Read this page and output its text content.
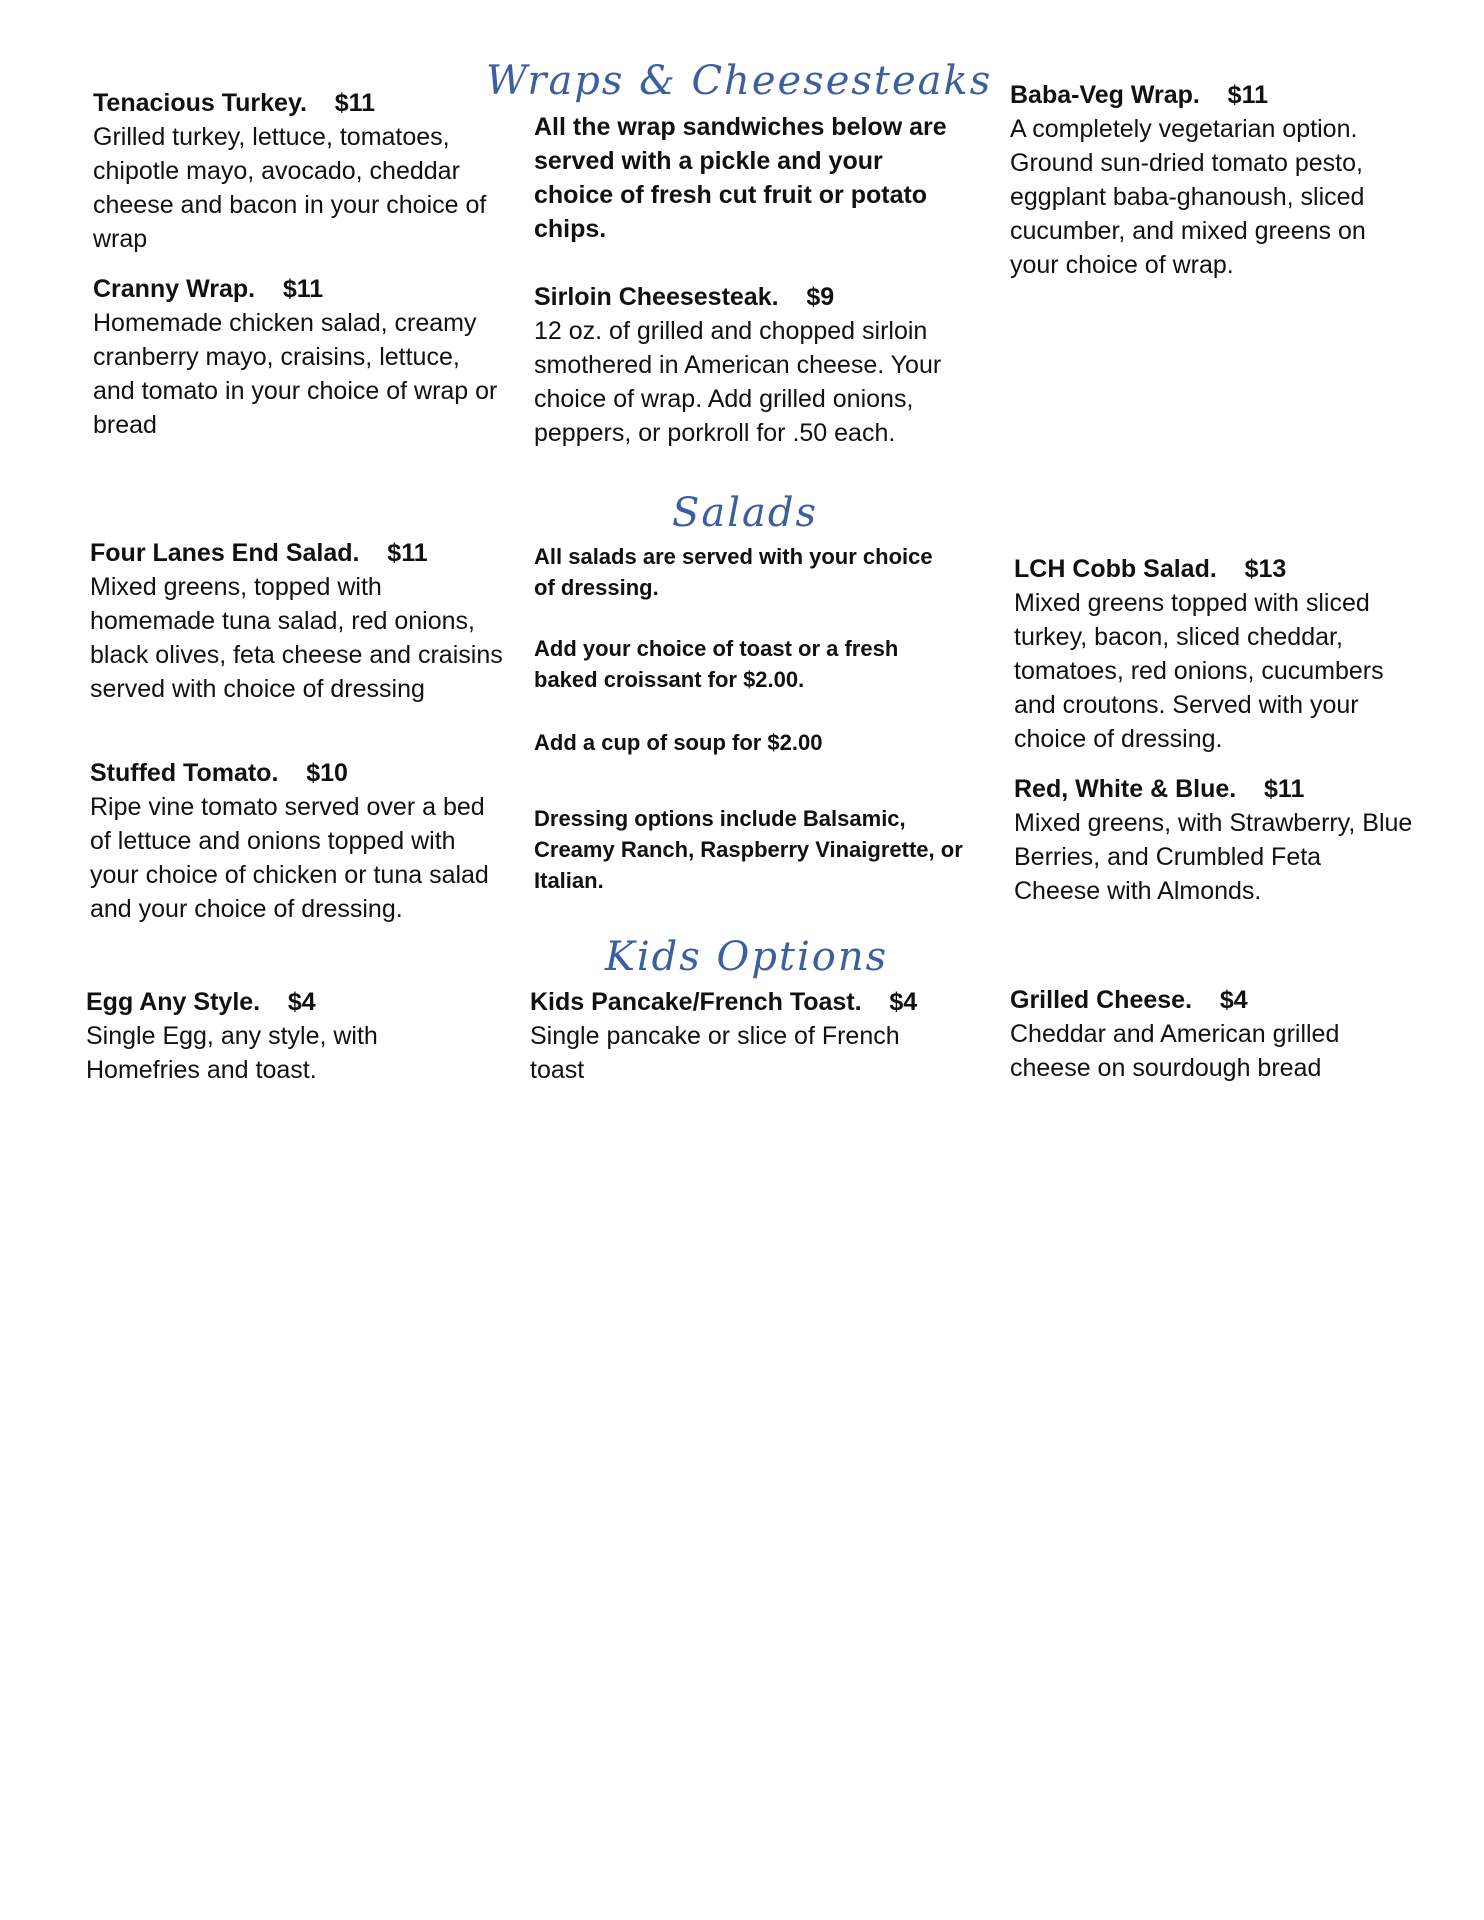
Wraps & Cheesesteaks
Tenacious Turkey. $11
Grilled turkey, lettuce, tomatoes, chipotle mayo, avocado, cheddar cheese and bacon in your choice of wrap
Cranny Wrap. $11
Homemade chicken salad, creamy cranberry mayo, craisins, lettuce, and tomato in your choice of wrap or bread

All the wrap sandwiches below are served with a pickle and your choice of fresh cut fruit or potato chips.

Sirloin Cheesesteak. $9
12 oz. of grilled and chopped sirloin smothered in American cheese. Your choice of wrap. Add grilled onions, peppers, or porkroll for .50 each.
Baba-Veg Wrap. $11
A completely vegetarian option. Ground sun-dried tomato pesto, eggplant baba-ghanoush, sliced cucumber, and mixed greens on your choice of wrap.
Salads
Four Lanes End Salad. $11
Mixed greens, topped with homemade tuna salad, red onions, black olives, feta cheese and craisins served with choice of dressing
Stuffed Tomato. $10
Ripe vine tomato served over a bed of lettuce and onions topped with your choice of chicken or tuna salad and your choice of dressing.

All salads are served with your choice of dressing.

Add your choice of toast or a fresh baked croissant for $2.00.

Add a cup of soup for $2.00

Dressing options include Balsamic, Creamy Ranch, Raspberry Vinaigrette, or Italian.

LCH Cobb Salad. $13
Mixed greens topped with sliced turkey, bacon, sliced cheddar, tomatoes, red onions, cucumbers and croutons. Served with your choice of dressing.
Red, White & Blue. $11
Mixed greens, with Strawberry, Blue Berries, and Crumbled Feta Cheese with Almonds.
Kids Options
Egg Any Style. $4
Single Egg, any style, with Homefries and toast.
Kids Pancake/French Toast. $4
Single pancake or slice of French toast
Grilled Cheese. $4
Cheddar and American grilled cheese on sourdough bread
